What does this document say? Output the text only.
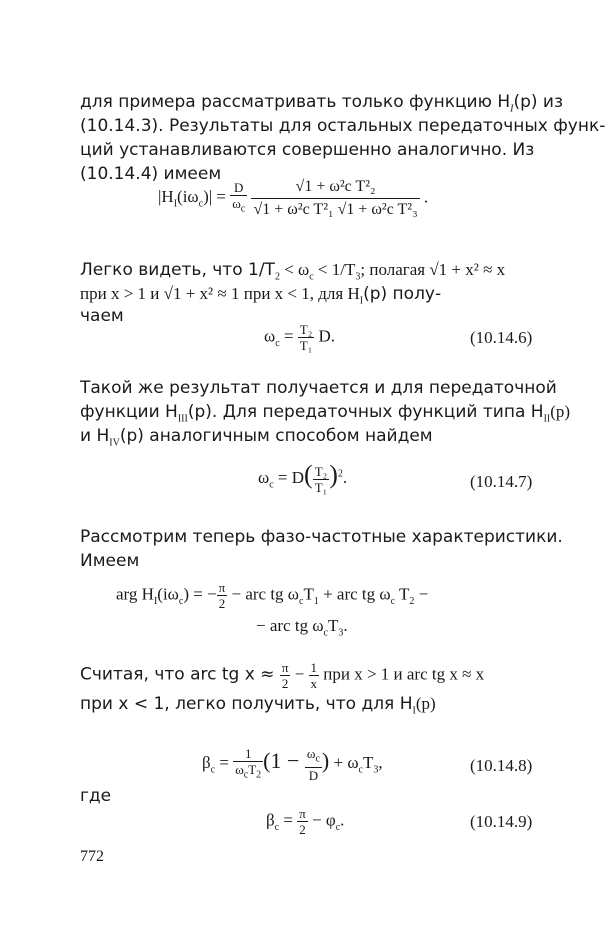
для примера рассматривать только функцию $H_I(p)$ из
(10.14.3). Результаты для остальных передаточных функ-
ций устанавливаются совершенно аналогично. Из
(10.14.4) имеем
$|H_I(i\omega_c)| = \frac{D}{\omega_c}$
$\frac{\text{√1 + ω²c T²₂}}{\text{√1 + ω²c T²₁ √1 + ω²c T²₃}}$ .
Легко видеть, что $1/T_2 < \omega_c < 1/T_3$; полагая √1 + x² ≈ x
при x > 1 и √1 + x² ≈ 1 при x < 1, для $H_I(p)$ полу-
чаем
$\omega_c = \frac{\text{T₂}}{\text{T₁}} D$.	(10.14.6)
Такой же результат получается и для передаточной
функции $H_{III}(p)$. Для передаточных функций типа $H_{II}(p)$
и $H_{IV}(p)$ аналогичным способом найдем
$\omega_c = D( \frac{\text{T₂}}{\text{T₁}} )^2$.	(10.14.7)
Рассмотрим теперь фазо-частотные характеристики.
Имеем
arg $H_I(i\omega_c)$ = − $\frac{\pi}{2}$ − arc tg $\omega_cT_1$ + arc tg $\omega_c$ $T_2$ −
− arc tg $\omega_cT_3$.
Считая, что arc tg $x \approx \frac{\pi}{2} - \frac{1}{x}$ при x > 1 и arc tg x ≈ x
при x < 1, легко получить, что для $H_I(p)$
$\beta_c = \frac{1}{\omega_cT_2} (1 - \frac{\omega_c}{D}$ ) + $\omega_cT_3$,	(10.14.8)
где
$\beta_c = \frac{\pi}{2} - \varphi_c$.	(10.14.9)
772
